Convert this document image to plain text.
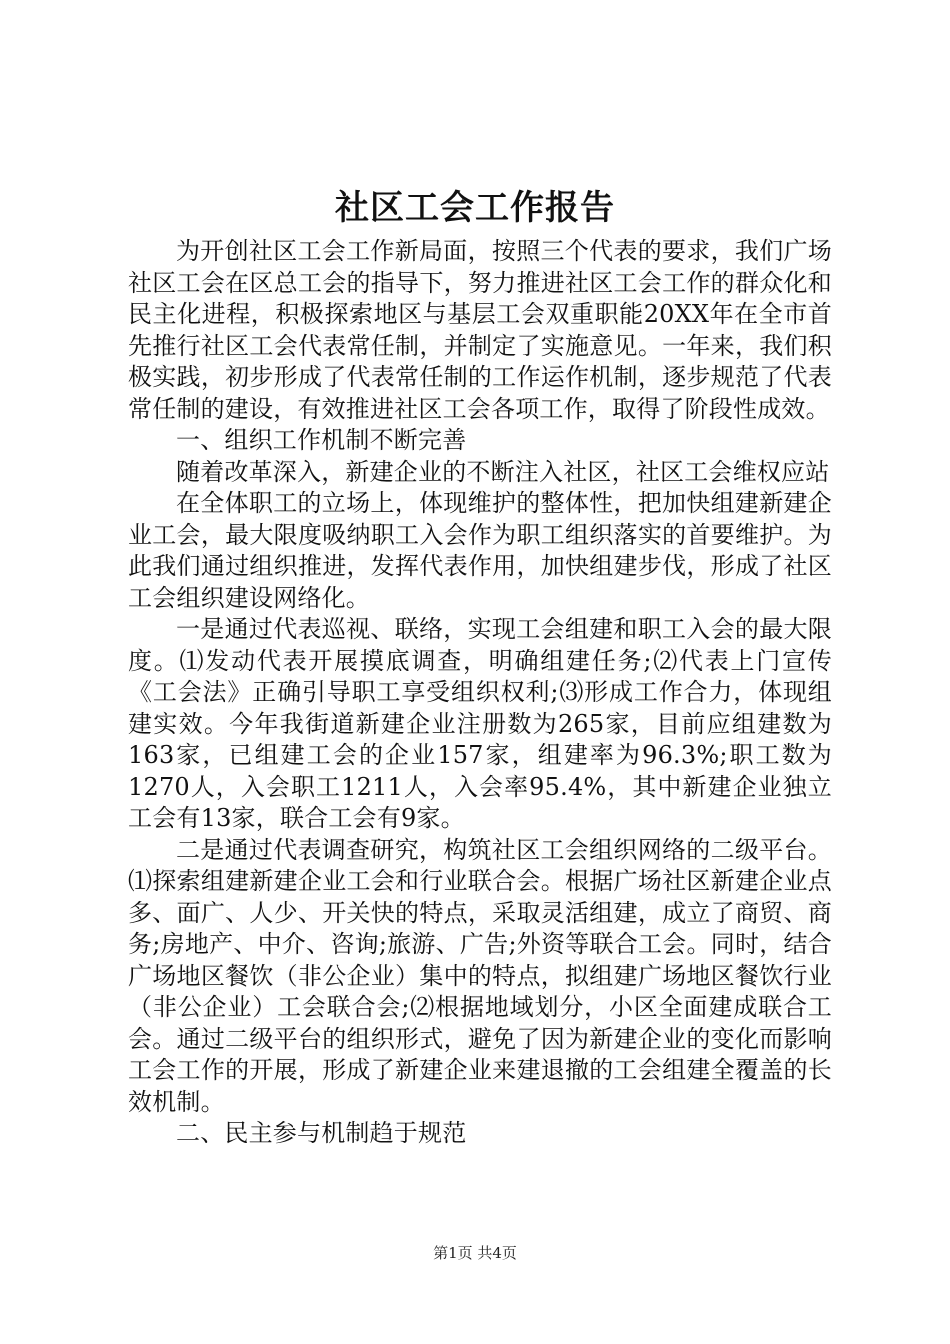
社区工会工作报告

为开创社区工会工作新局面，按照三个代表的要求，我们广场社区工会在区总工会的指导下，努力推进社区工会工作的群众化和民主化进程，积极探索地区与基层工会双重职能20XX年在全市首先推行社区工会代表常任制，并制定了实施意见。一年来，我们积极实践，初步形成了代表常任制的工作运作机制，逐步规范了代表常任制的建设，有效推进社区工会各项工作，取得了阶段性成效。

一、组织工作机制不断完善

随着改革深入，新建企业的不断注入社区，社区工会维权应站

在全体职工的立场上，体现维护的整体性，把加快组建新建企业工会，最大限度吸纳职工入会作为职工组织落实的首要维护。为此我们通过组织推进，发挥代表作用，加快组建步伐，形成了社区工会组织建设网络化。

一是通过代表巡视、联络，实现工会组建和职工入会的最大限度。⑴发动代表开展摸底调查，明确组建任务;⑵代表上门宣传《工会法》正确引导职工享受组织权利;⑶形成工作合力，体现组建实效。今年我街道新建企业注册数为265家，目前应组建数为163家，已组建工会的企业157家，组建率为96.3%;职工数为1270人，入会职工1211人，入会率95.4%，其中新建企业独立工会有13家，联合工会有9家。

二是通过代表调查研究，构筑社区工会组织网络的二级平台。⑴探索组建新建企业工会和行业联合会。根据广场社区新建企业点多、面广、人少、开关快的特点，采取灵活组建，成立了商贸、商务;房地产、中介、咨询;旅游、广告;外资等联合工会。同时，结合广场地区餐饮（非公企业）集中的特点，拟组建广场地区餐饮行业（非公企业）工会联合会;⑵根据地域划分，小区全面建成联合工会。通过二级平台的组织形式，避免了因为新建企业的变化而影响工会工作的开展，形成了新建企业来建退撤的工会组建全覆盖的长效机制。

二、民主参与机制趋于规范

第1页 共4页
